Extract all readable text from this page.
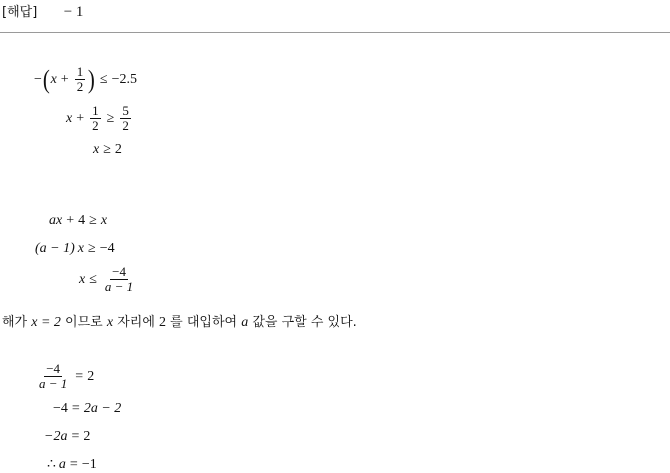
[해답] − 1
− ( $x + \frac{1}{2}$ ) ≤ −2.5
$x + \frac{1}{2} \ge \frac{5}{2}$
x ≥ 2
ax + 4 ≥ x
(a − 1) x ≥ −4
$x \le \frac{-4}{a - 1}$
해가 x = 2 이므로 x 자리에 2 를 대입하여 a 값을 구할 수 있다.
$\frac{-4}{a - 1} = 2$
−4 = 2a − 2
−2a = 2
∴ a = −1
